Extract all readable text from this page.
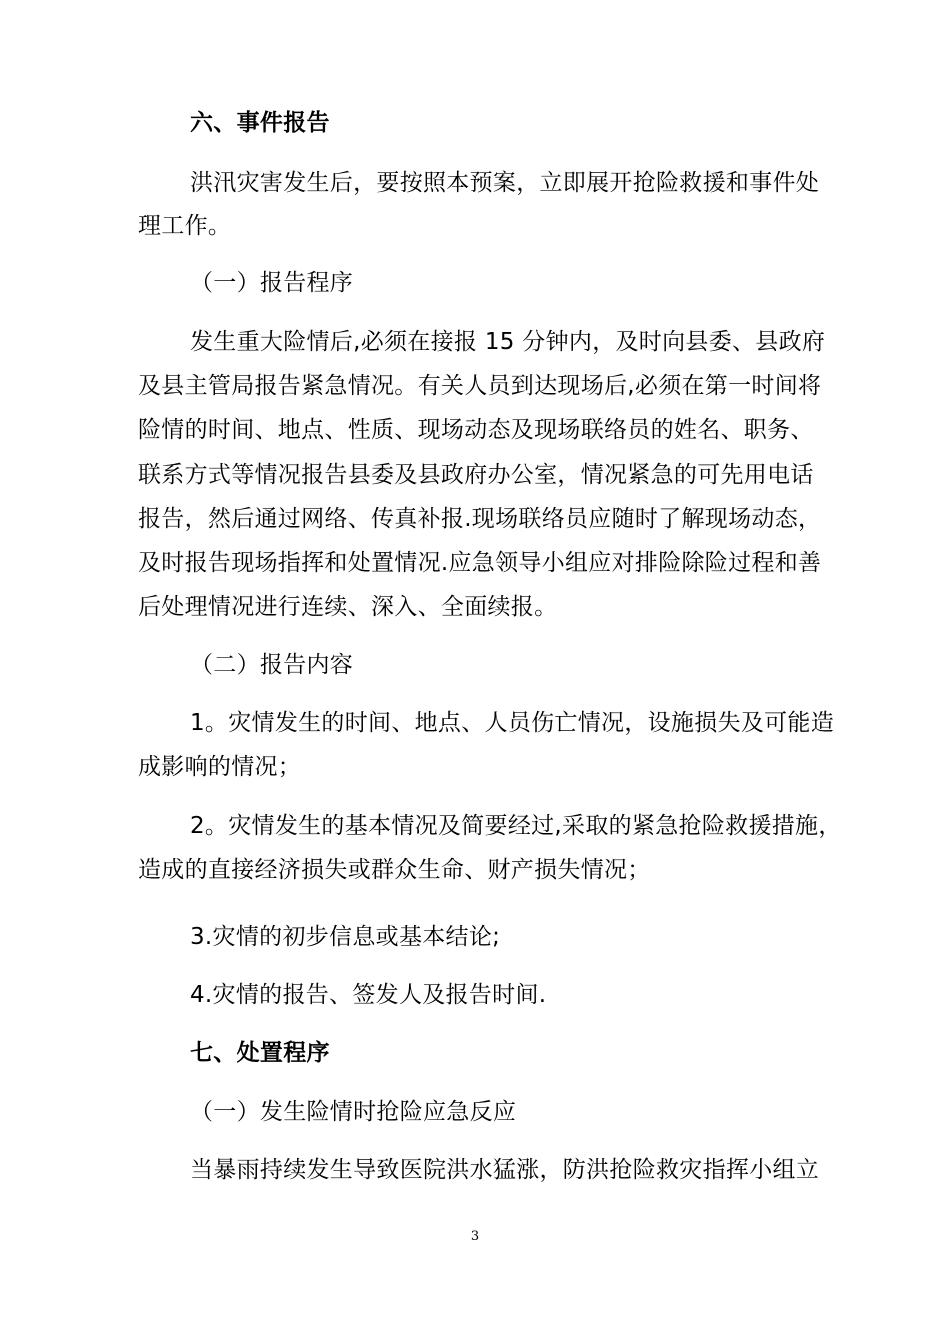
六、事件报告
洪汛灾害发生后，要按照本预案，立即展开抢险救援和事件处
理工作。
（一）报告程序
发生重大险情后,必须在接报 15 分钟内，及时向县委、县政府
及县主管局报告紧急情况。有关人员到达现场后,必须在第一时间将
险情的时间、地点、性质、现场动态及现场联络员的姓名、职务、
联系方式等情况报告县委及县政府办公室，情况紧急的可先用电话
报告，然后通过网络、传真补报.现场联络员应随时了解现场动态，
及时报告现场指挥和处置情况.应急领导小组应对排险除险过程和善
后处理情况进行连续、深入、全面续报。
（二）报告内容
1。灾情发生的时间、地点、人员伤亡情况，设施损失及可能造
成影响的情况；
2。灾情发生的基本情况及简要经过,采取的紧急抢险救援措施，
造成的直接经济损失或群众生命、财产损失情况；
3.灾情的初步信息或基本结论;
4.灾情的报告、签发人及报告时间.
七、处置程序
（一）发生险情时抢险应急反应
当暴雨持续发生导致医院洪水猛涨，防洪抢险救灾指挥小组立
3
